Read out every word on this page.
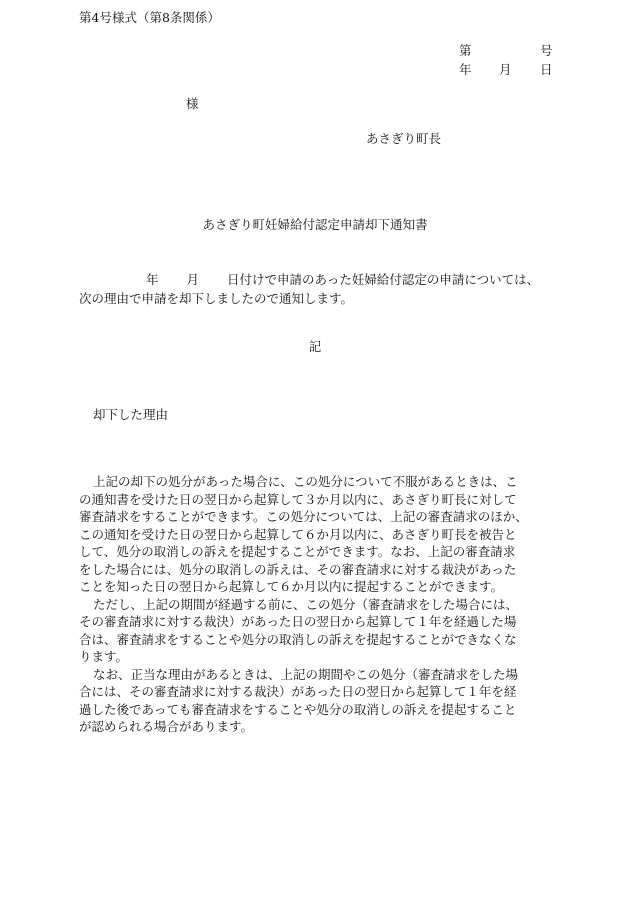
第4号様式（第8条関係）
第	号
年 月 日
様
あさぎり町長
あさぎり町妊婦給付認定申請却下通知書
年 月 日付けで申請のあった妊婦給付認定の申請については、
次の理由で申請を却下しましたので通知します。
記
却下した理由
上記の却下の処分があった場合に、この処分について不服があるときは、こ
の通知書を受けた日の翌日から起算して３か月以内に、あさぎり町長に対して
審査請求をすることができます。この処分については、上記の審査請求のほか、
この通知を受けた日の翌日から起算して６か月以内に、あさぎり町長を被告と
して、処分の取消しの訴えを提起することができます。なお、上記の審査請求
をした場合には、処分の取消しの訴えは、その審査請求に対する裁決があった
ことを知った日の翌日から起算して６か月以内に提起することができます。
ただし、上記の期間が経過する前に、この処分（審査請求をした場合には、
その審査請求に対する裁決）があった日の翌日から起算して１年を経過した場
合は、審査請求をすることや処分の取消しの訴えを提起することができなくな
ります。
なお、正当な理由があるときは、上記の期間やこの処分（審査請求をした場
合には、その審査請求に対する裁決）があった日の翌日から起算して１年を経
過した後であっても審査請求をすることや処分の取消しの訴えを提起すること
が認められる場合があります。
